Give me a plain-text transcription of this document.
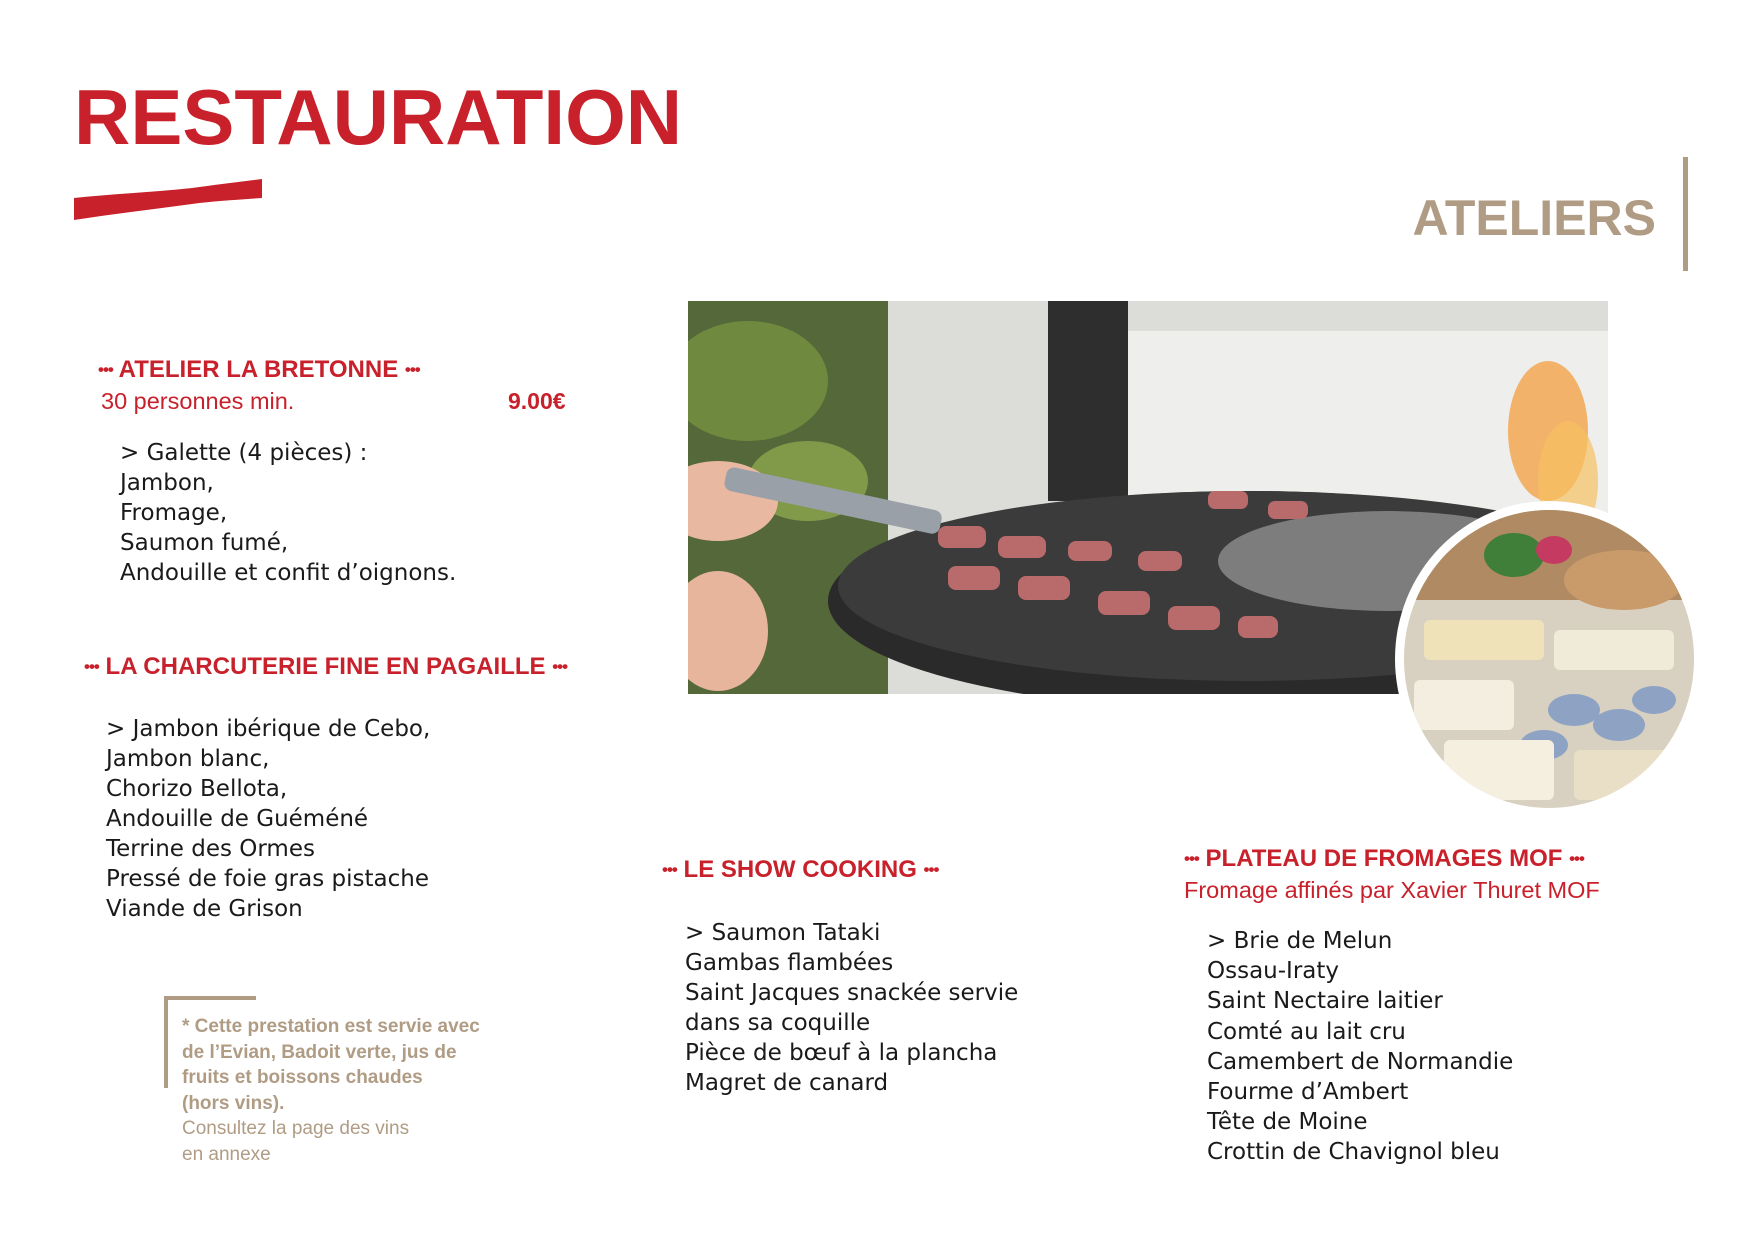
RESTAURATION
ATELIERS
••• ATELIER LA BRETONNE •••
30 personnes min.	9.00€
> Galette (4 pièces) :
Jambon,
Fromage,
Saumon fumé,
Andouille et confit d’oignons.
••• LA CHARCUTERIE FINE EN PAGAILLE •••
> Jambon ibérique de Cebo,
Jambon blanc,
Chorizo Bellota,
Andouille de Guéméné
Terrine des Ormes
Pressé de foie gras pistache
Viande de Grison
* Cette prestation est servie avec
de l’Evian, Badoit verte, jus de
fruits et boissons chaudes
(hors vins).
Consultez la page des vins
en annexe
••• LE SHOW COOKING •••
> Saumon Tataki
Gambas flambées
Saint Jacques snackée servie
dans sa coquille
Pièce de bœuf à la plancha
Magret de canard
••• PLATEAU DE FROMAGES MOF •••
Fromage affinés par Xavier Thuret MOF
> Brie de Melun
Ossau-Iraty
Saint Nectaire laitier
Comté au lait cru
Camembert de Normandie
Fourme d’Ambert
Tête de Moine
Crottin de Chavignol bleu
